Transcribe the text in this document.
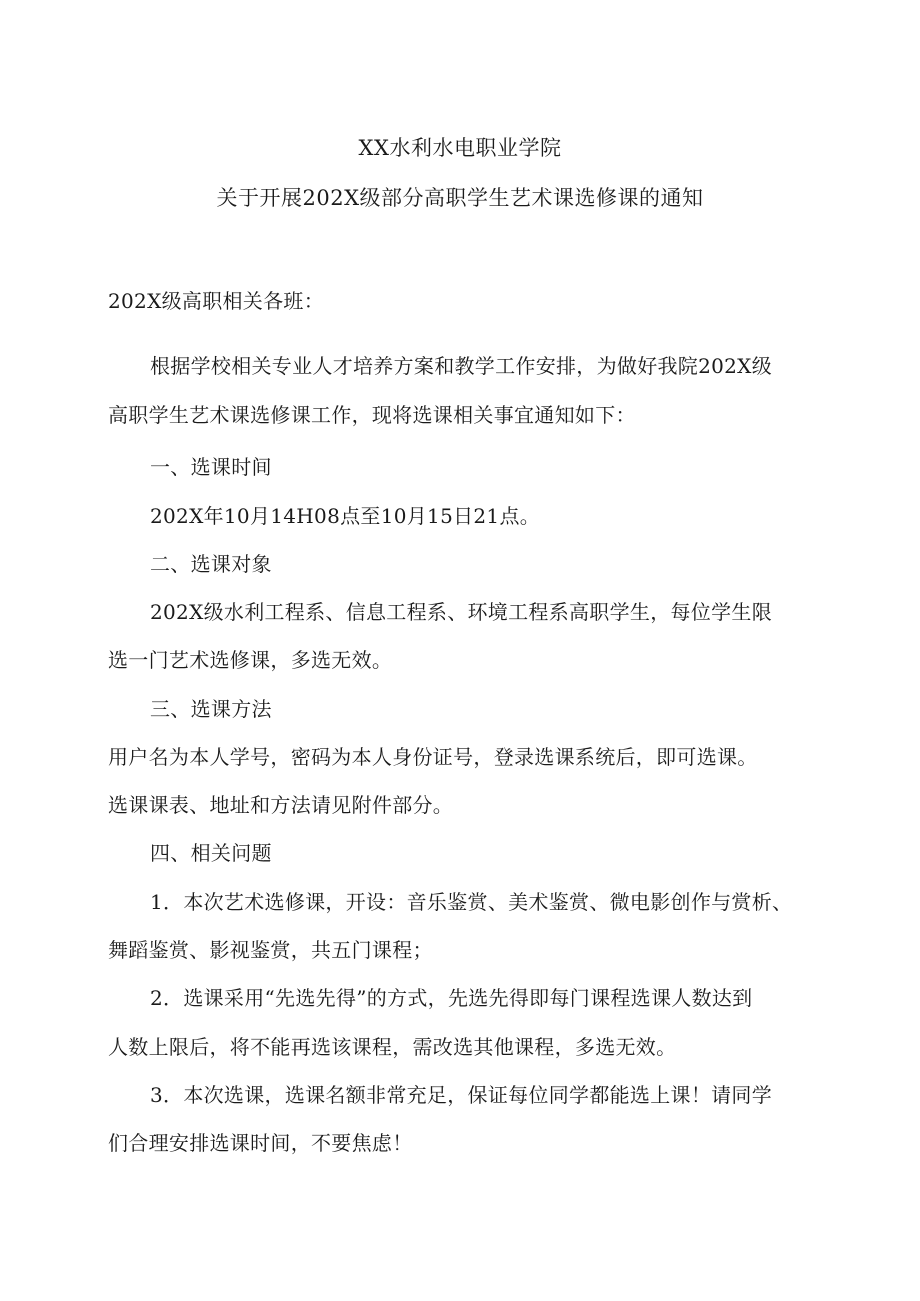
XX水利水电职业学院
关于开展202X级部分高职学生艺术课选修课的通知
202X级高职相关各班：
根据学校相关专业人才培养方案和教学工作安排，为做好我院202X级
高职学生艺术课选修课工作，现将选课相关事宜通知如下：
一、选课时间
202X年10月14H08点至10月15日21点。
二、选课对象
202X级水利工程系、信息工程系、环境工程系高职学生，每位学生限
选一门艺术选修课，多选无效。
三、选课方法
用户名为本人学号，密码为本人身份证号，登录选课系统后，即可选课。
选课课表、地址和方法请见附件部分。
四、相关问题
1．本次艺术选修课，开设：音乐鉴赏、美术鉴赏、微电影创作与赏析、
舞蹈鉴赏、影视鉴赏，共五门课程；
2．选课采用“先选先得”的方式，先选先得即每门课程选课人数达到
人数上限后，将不能再选该课程，需改选其他课程，多选无效。
3．本次选课，选课名额非常充足，保证每位同学都能选上课！请同学
们合理安排选课时间，不要焦虑！
